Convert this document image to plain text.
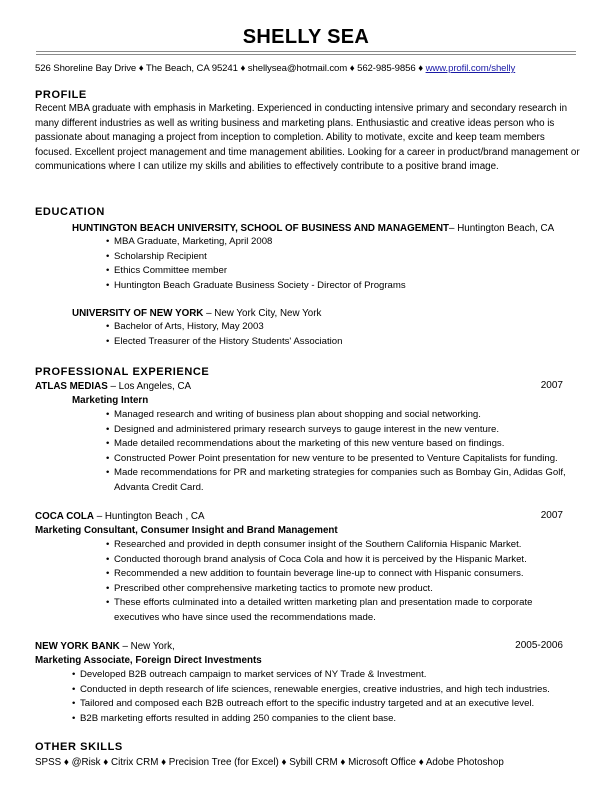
SHELLY SEA
526 Shoreline Bay Drive ♦ The Beach, CA 95241 ♦ shellysea@hotmail.com ♦ 562-985-9856 ♦ www.profil.com/shelly
PROFILE
Recent MBA graduate with emphasis in Marketing. Experienced in conducting intensive primary and secondary research in many different industries as well as writing business and marketing plans. Enthusiastic and creative ideas person who is passionate about managing a project from inception to completion. Ability to motivate, excite and keep team members focused. Excellent project management and time management abilities. Looking for a career in product/brand management or communications where I can utilize my skills and abilities to effectively contribute to a positive brand image.
EDUCATION
HUNTINGTON BEACH UNIVERSITY, SCHOOL OF BUSINESS AND MANAGEMENT– Huntington Beach, CA
• MBA Graduate, Marketing, April 2008
• Scholarship Recipient
• Ethics Committee member
• Huntington Beach Graduate Business Society - Director of Programs
UNIVERSITY OF NEW YORK – New York City, New York
• Bachelor of Arts, History, May 2003
• Elected Treasurer of the History Students' Association
PROFESSIONAL EXPERIENCE
ATLAS MEDIAS – Los Angeles, CA	2007
Marketing Intern
• Managed research and writing of business plan about shopping and social networking.
• Designed and administered primary research surveys to gauge interest in the new venture.
• Made detailed recommendations about the marketing of this new venture based on findings.
• Constructed Power Point presentation for new venture to be presented to Venture Capitalists for funding.
• Made recommendations for PR and marketing strategies for companies such as Bombay Gin, Adidas Golf, Advanta Credit Card.
COCA COLA – Huntington Beach , CA	2007
Marketing Consultant, Consumer Insight and Brand Management
• Researched and provided in depth consumer insight of the Southern California Hispanic Market.
• Conducted thorough brand analysis of Coca Cola and how it is perceived by the Hispanic Market.
• Recommended a new addition to fountain beverage line-up to connect with Hispanic consumers.
• Prescribed other comprehensive marketing tactics to promote new product.
• These efforts culminated into a detailed written marketing plan and presentation made to corporate executives who have since used the recommendations made.
NEW YORK BANK – New York,	2005-2006
Marketing Associate, Foreign Direct Investments
• Developed B2B outreach campaign to market services of NY Trade & Investment.
• Conducted in depth research of life sciences, renewable energies, creative industries, and high tech industries.
• Tailored and composed each B2B outreach effort to the specific industry targeted and at an executive level.
• B2B marketing efforts resulted in adding 250 companies to the client base.
OTHER SKILLS
SPSS ♦ @Risk ♦ Citrix CRM ♦ Precision Tree (for Excel) ♦ Sybill CRM ♦ Microsoft Office ♦ Adobe Photoshop
